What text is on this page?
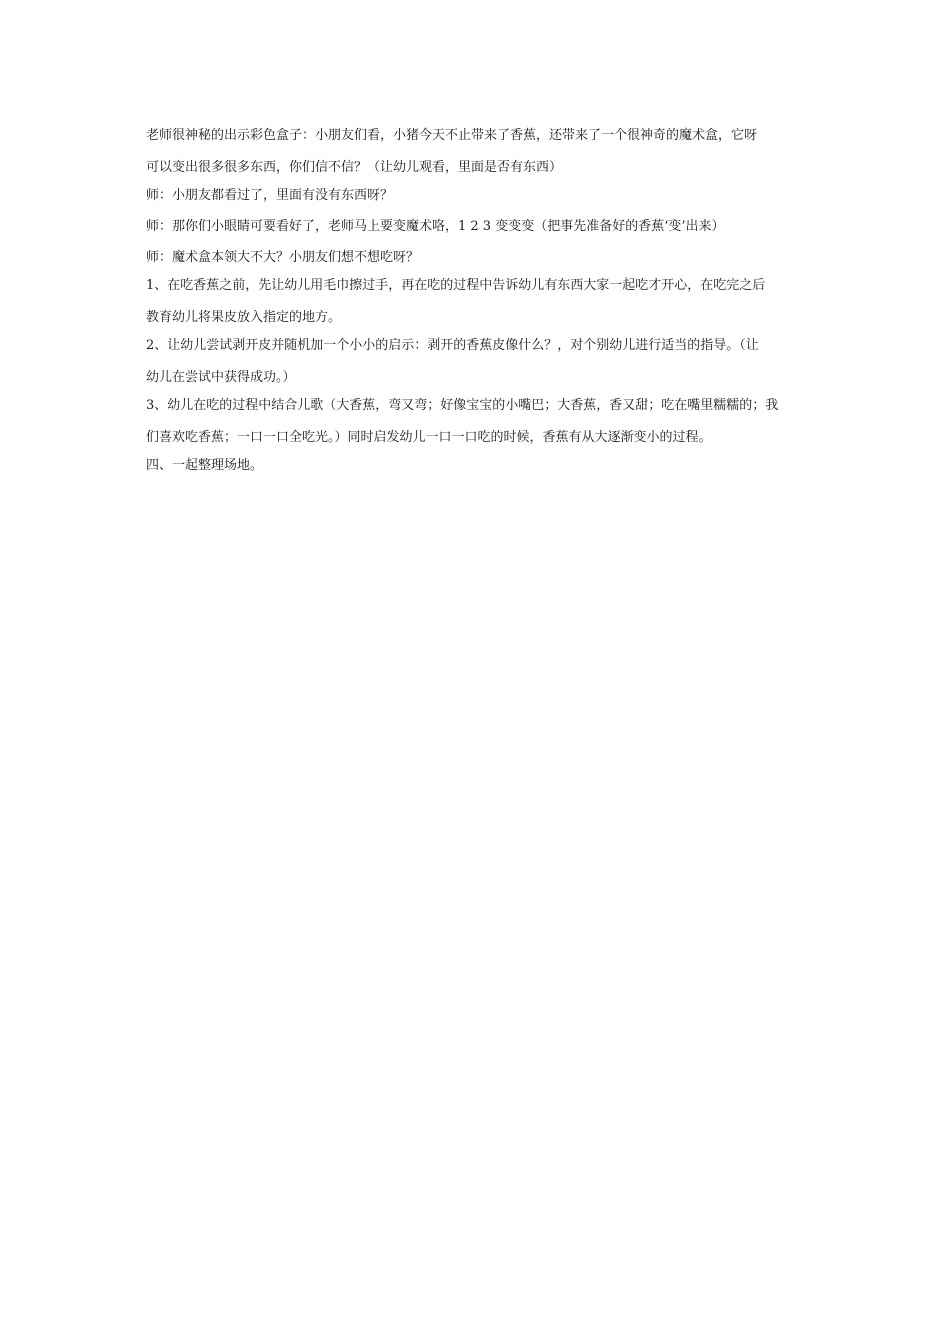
老师很神秘的出示彩色盒子：小朋友们看，小猪今天不止带来了香蕉，还带来了一个很神奇的魔术盒，它呀

可以变出很多很多东西，你们信不信？（让幼儿观看，里面是否有东西）

师：小朋友都看过了，里面有没有东西呀？

师：那你们小眼睛可要看好了，老师马上要变魔术咯，1 2 3 变变变（把事先准备好的香蕉‘变’出来）

师：魔术盒本领大不大？小朋友们想不想吃呀？

1、在吃香蕉之前，先让幼儿用毛巾擦过手，再在吃的过程中告诉幼儿有东西大家一起吃才开心，在吃完之后

教育幼儿将果皮放入指定的地方。

2、让幼儿尝试剥开皮并随机加一个小小的启示：剥开的香蕉皮像什么？，对个别幼儿进行适当的指导。（让

幼儿在尝试中获得成功。）

3、幼儿在吃的过程中结合儿歌（大香蕉，弯又弯；好像宝宝的小嘴巴；大香蕉，香又甜；吃在嘴里糯糯的；我

们喜欢吃香蕉；一口一口全吃光。）同时启发幼儿一口一口吃的时候，香蕉有从大逐渐变小的过程。

四、一起整理场地。
